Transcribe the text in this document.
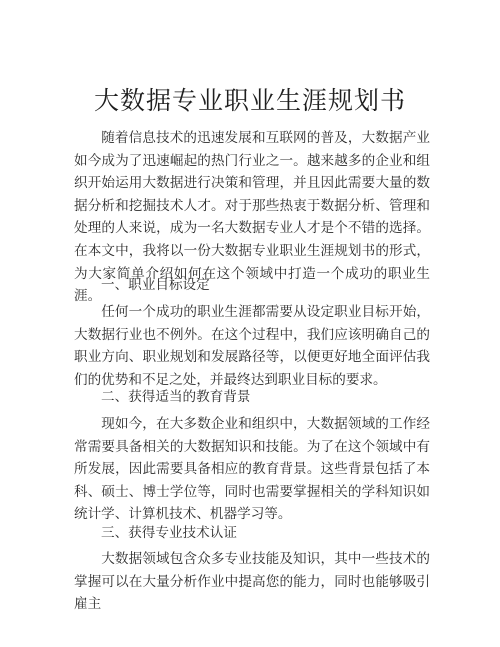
大数据专业职业生涯规划书

随着信息技术的迅速发展和互联网的普及，大数据产业如今成为了迅速崛起的热门行业之一。越来越多的企业和组织开始运用大数据进行决策和管理，并且因此需要大量的数据分析和挖掘技术人才。对于那些热衷于数据分析、管理和处理的人来说，成为一名大数据专业人才是个不错的选择。在本文中，我将以一份大数据专业职业生涯规划书的形式，为大家简单介绍如何在这个领域中打造一个成功的职业生涯。

一、职业目标设定

任何一个成功的职业生涯都需要从设定职业目标开始，大数据行业也不例外。在这个过程中，我们应该明确自己的职业方向、职业规划和发展路径等，以便更好地全面评估我们的优势和不足之处，并最终达到职业目标的要求。

二、获得适当的教育背景

现如今，在大多数企业和组织中，大数据领域的工作经常需要具备相关的大数据知识和技能。为了在这个领域中有所发展，因此需要具备相应的教育背景。这些背景包括了本科、硕士、博士学位等，同时也需要掌握相关的学科知识如统计学、计算机技术、机器学习等。

三、获得专业技术认证

大数据领域包含众多专业技能及知识，其中一些技术的掌握可以在大量分析作业中提高您的能力，同时也能够吸引雇主
